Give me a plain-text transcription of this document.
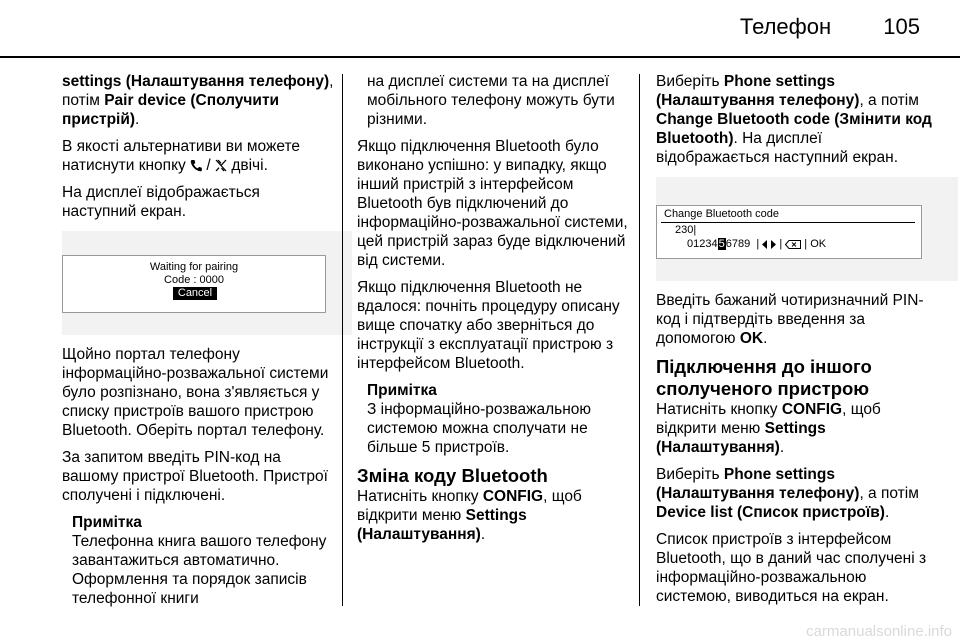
Телефон 105

settings (Налаштування телефону),
потім Pair device (Сполучити пристрій).

В якості альтернативи ви можете натиснути кнопку  /  двічі.

На дисплеї відображається наступний екран.

Waiting for pairing
Code : 0000
Cancel

Щойно портал телефону інформаційно-розважальної системи було розпізнано, вона з'являється у списку пристроїв вашого пристрою Bluetooth. Оберіть портал телефону.

За запитом введіть PIN-код на вашому пристрої Bluetooth. Пристрої сполучені і підключені.

Примітка
Телефонна книга вашого телефону завантажиться автоматично. Оформлення та порядок записів телефонної книги

на дисплеї системи та на дисплеї мобільного телефону можуть бути різними.

Якщо підключення Bluetooth було виконано успішно: у випадку, якщо інший пристрій з інтерфейсом Bluetooth був підключений до інформаційно-розважальної системи, цей пристрій зараз буде відключений від системи.

Якщо підключення Bluetooth не вдалося: почніть процедуру описану вище спочатку або зверніться до інструкції з експлуатації пристрою з інтерфейсом Bluetooth.

Примітка
З інформаційно-розважальною системою можна сполучати не більше 5 пристроїв.
Зміна коду Bluetooth

Натисніть кнопку CONFIG, щоб відкрити меню Settings (Налаштування).

Виберіть Phone settings (Налаштування телефону), а потім Change Bluetooth code (Змінити код Bluetooth). На дисплеї відображається наступний екран.

Change Bluetooth code
230|
0123456789 | | | OK

Введіть бажаний чотиризначний PIN-код і підтвердіть введення за допомогою OK.

Підключення до іншого сполученого пристрою

Натисніть кнопку CONFIG, щоб відкрити меню Settings (Налаштування).

Виберіть Phone settings (Налаштування телефону), а потім Device list (Список пристроїв).

Список пристроїв з інтерфейсом Bluetooth, що в даний час сполучені з інформаційно-розважальною системою, виводиться на екран.

carmanualsonline.info
